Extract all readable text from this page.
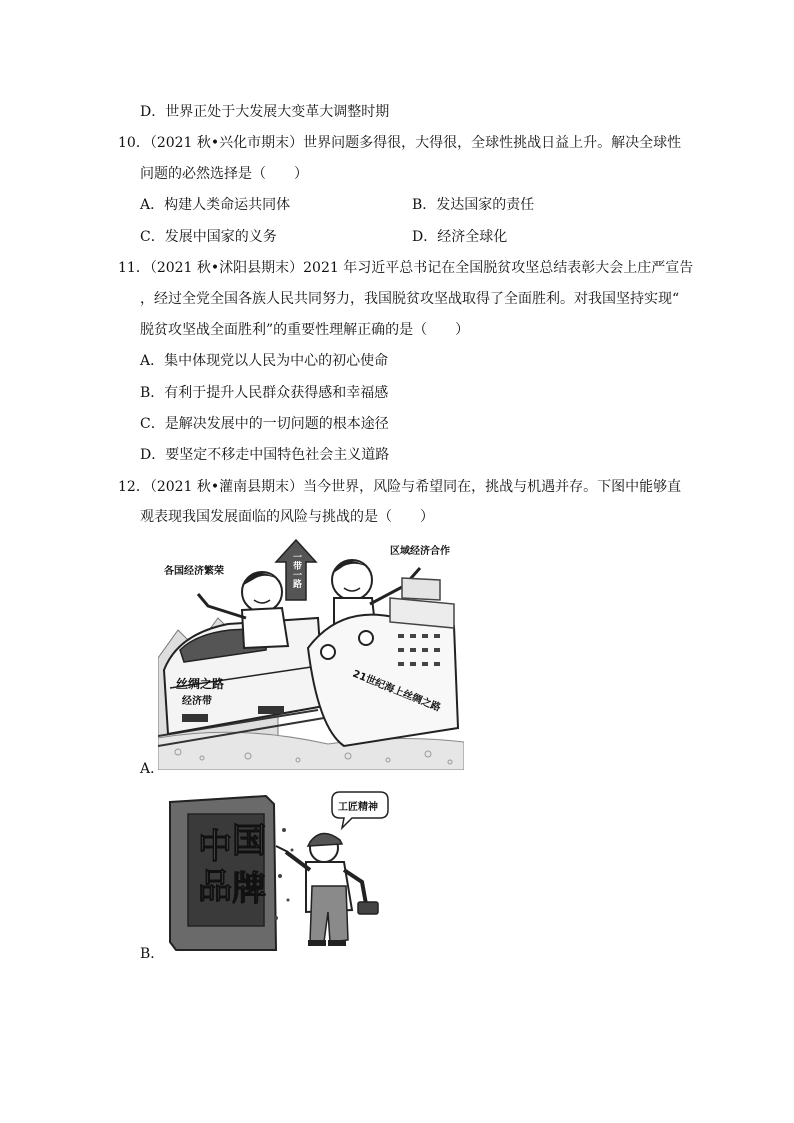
D．世界正处于大发展大变革大调整时期
10．（2021 秋•兴化市期末）世界问题多得很，大得很，全球性挑战日益上升。解决全球性
问题的必然选择是（　　）
A．构建人类命运共同体	B．发达国家的责任
C．发展中国家的义务	D．经济全球化
11．（2021 秋•沭阳县期末）2021 年习近平总书记在全国脱贫攻坚总结表彰大会上庄严宣告
，经过全党全国各族人民共同努力，我国脱贫攻坚战取得了全面胜利。对我国坚持实现“
脱贫攻坚战全面胜利”的重要性理解正确的是（　　）
A．集中体现党以人民为中心的初心使命
B．有利于提升人民群众获得感和幸福感
C．是解决发展中的一切问题的根本途径
D．要坚定不移走中国特色社会主义道路
12．（2021 秋•灌南县期末）当今世界，风险与希望同在，挑战与机遇并存。下图中能够直
观表现我国发展面临的风险与挑战的是（　　）
各国经济繁荣
区域经济合作
一带一路
丝绸之路
经济带	21世纪海上丝绸之路
A．
中 国
品 牌
工匠精神
B．
